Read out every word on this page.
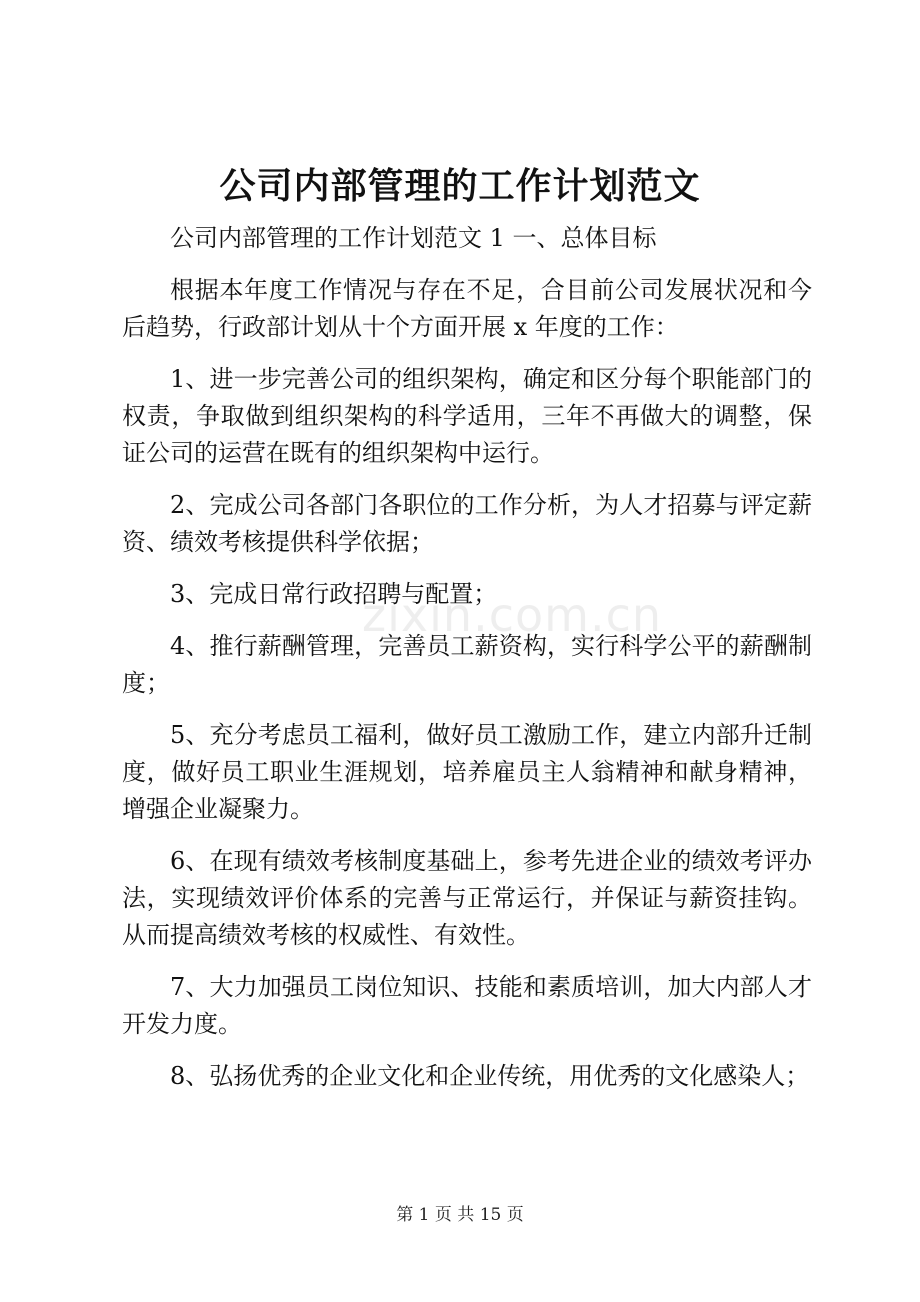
公司内部管理的工作计划范文

公司内部管理的工作计划范文 1 一、总体目标

根据本年度工作情况与存在不足，合目前公司发展状况和今后趋势，行政部计划从十个方面开展 x 年度的工作：

1、进一步完善公司的组织架构，确定和区分每个职能部门的权责，争取做到组织架构的科学适用，三年不再做大的调整，保证公司的运营在既有的组织架构中运行。

2、完成公司各部门各职位的工作分析，为人才招募与评定薪资、绩效考核提供科学依据；

3、完成日常行政招聘与配置；

4、推行薪酬管理，完善员工薪资构，实行科学公平的薪酬制度；

5、充分考虑员工福利，做好员工激励工作，建立内部升迁制度，做好员工职业生涯规划，培养雇员主人翁精神和献身精神，增强企业凝聚力。

6、在现有绩效考核制度基础上，参考先进企业的绩效考评办法，实现绩效评价体系的完善与正常运行，并保证与薪资挂钩。从而提高绩效考核的权威性、有效性。

7、大力加强员工岗位知识、技能和素质培训，加大内部人才开发力度。

8、弘扬优秀的企业文化和企业传统，用优秀的文化感染人；

zixin.com.cn
第 1 页 共 15 页
